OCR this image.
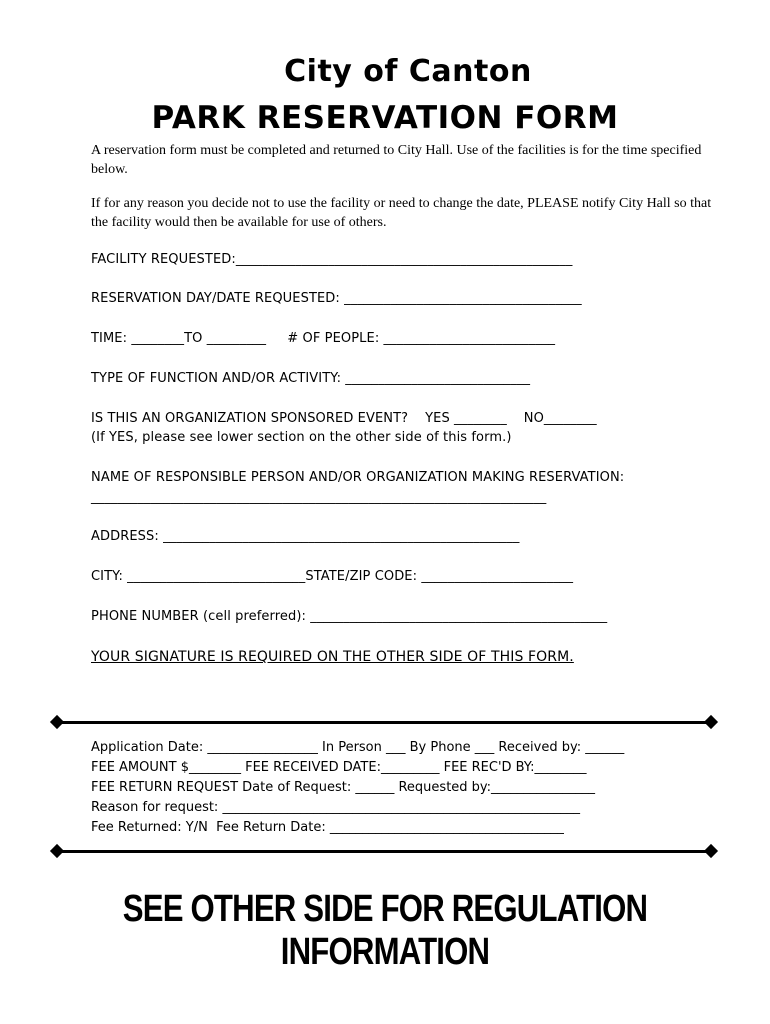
City of Canton
PARK RESERVATION FORM
A reservation form must be completed and returned to City Hall. Use of the facilities is for the time specified below.
If for any reason you decide not to use the facility or need to change the date, PLEASE notify City Hall so that the facility would then be available for use of others.
FACILITY REQUESTED:___________________________________________________
RESERVATION DAY/DATE REQUESTED: ____________________________________
TIME: ________TO _________     # OF PEOPLE: __________________________
TYPE OF FUNCTION AND/OR ACTIVITY: ____________________________
IS THIS AN ORGANIZATION SPONSORED EVENT?    YES ________    NO________
(If YES, please see lower section on the other side of this form.)
NAME OF RESPONSIBLE PERSON AND/OR ORGANIZATION MAKING RESERVATION:
_____________________________________________________________________
ADDRESS: ______________________________________________________
CITY: ___________________________STATE/ZIP CODE: _______________________
PHONE NUMBER (cell preferred): _____________________________________________
YOUR SIGNATURE IS REQUIRED ON THE OTHER SIDE OF THIS FORM.
Application Date: _________________ In Person ___ By Phone ___ Received by: ______
FEE AMOUNT $________ FEE RECEIVED DATE:_________ FEE REC'D BY:________
FEE RETURN REQUEST Date of Request: ______ Requested by:________________
Reason for request: _______________________________________________________
Fee Returned: Y/N  Fee Return Date: ____________________________________
SEE OTHER SIDE FOR REGULATION INFORMATION
